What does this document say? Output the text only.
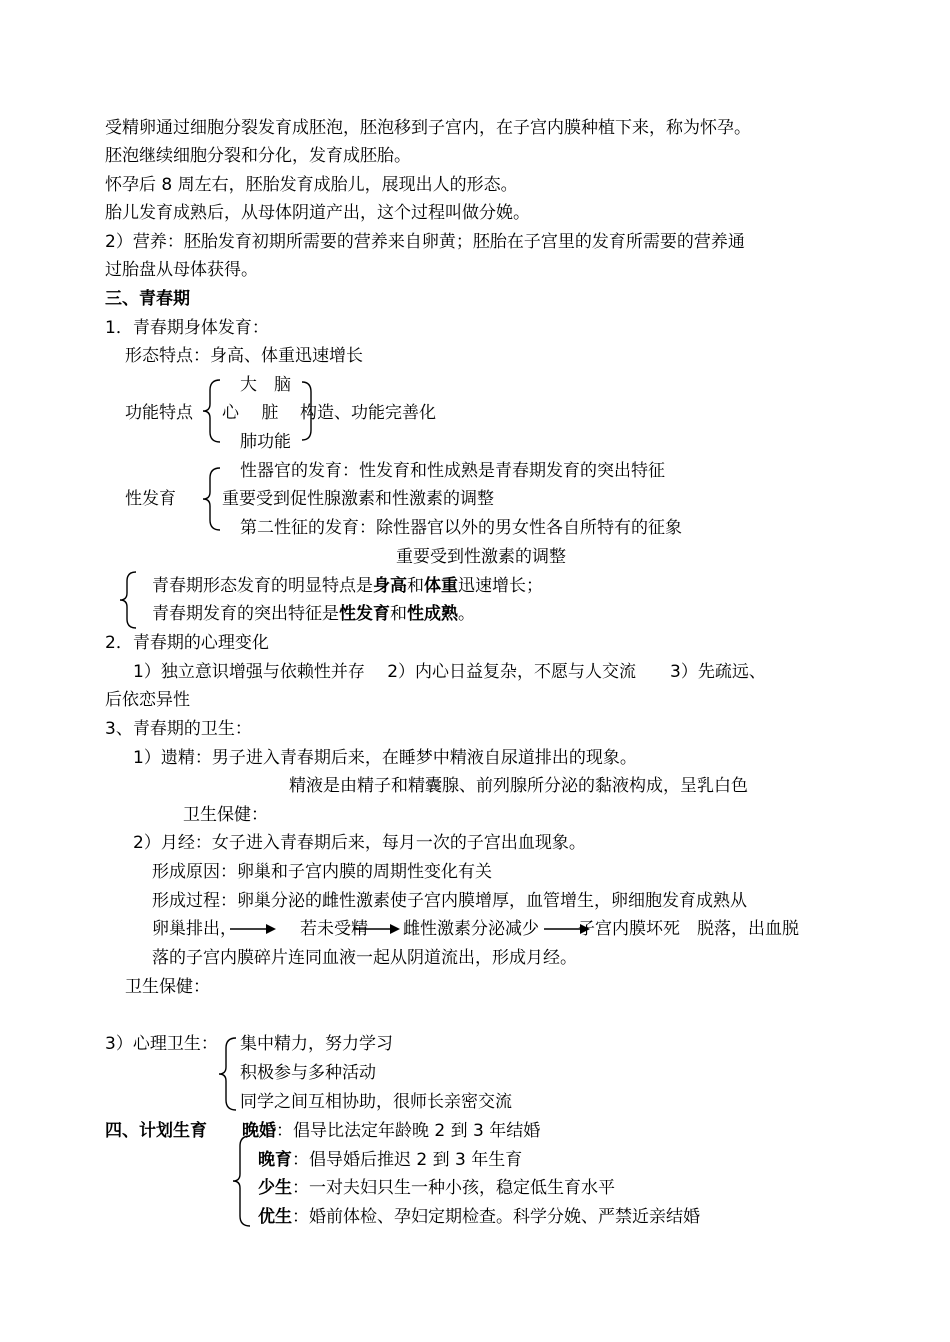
受精卵通过细胞分裂发育成胚泡，胚泡移到子宫内，在子宫内膜种植下来，称为怀孕。
胚泡继续细胞分裂和分化，发育成胚胎。
怀孕后 8 周左右，胚胎发育成胎儿，展现出人的形态。
胎儿发育成熟后，从母体阴道产出，这个过程叫做分娩。
2）营养：胚胎发育初期所需要的营养来自卵黄；胚胎在子宫里的发育所需要的营养通
过胎盘从母体获得。
三、青春期
1．青春期身体发育：
形态特点：身高、体重迅速增长
大　脑
功能特点 心　 脏 构造、功能完善化
肺功能
性器官的发育：性发育和性成熟是青春期发育的突出特征
性发育	重要受到促性腺激素和性激素的调整
第二性征的发育：除性器官以外的男女性各自所特有的征象
重要受到性激素的调整
青春期形态发育的明显特点是身高和体重迅速增长；
青春期发育的突出特征是性发育和性成熟。
2．青春期的心理变化
1）独立意识增强与依赖性并存　 2）内心日益复杂，不愿与人交流　　3）先疏远、
后依恋异性
3、青春期的卫生：
1）遗精：男子进入青春期后来，在睡梦中精液自尿道排出的现象。
精液是由精子和精囊腺、前列腺所分泌的黏液构成，呈乳白色
卫生保健：
2）月经：女子进入青春期后来，每月一次的子宫出血现象。
形成原因：卵巢和子宫内膜的周期性变化有关
形成过程：卵巢分泌的雌性激素使子宫内膜增厚，血管增生，卵细胞发育成熟从
卵巢排出，	若未受精 雌性激素分泌减少 子宫内膜坏死　脱落，出血脱
落的子宫内膜碎片连同血液一起从阴道流出，形成月经。
卫生保健：
3）心理卫生： 集中精力，努力学习
积极参与多种活动
同学之间互相协助，很师长亲密交流
四、计划生育 晚婚：倡导比法定年龄晚 2 到 3 年结婚
晚育：倡导婚后推迟 2 到 3 年生育
少生：一对夫妇只生一种小孩，稳定低生育水平
优生：婚前体检、孕妇定期检查。科学分娩、严禁近亲结婚
